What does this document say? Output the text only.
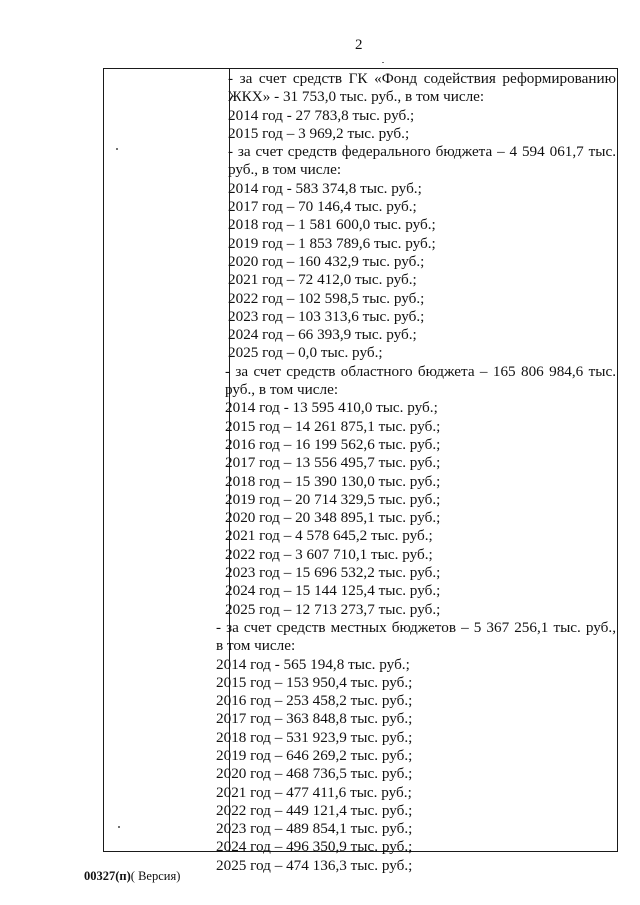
2
- за счет средств ГК «Фонд содействия реформированию
ЖКХ» - 31 753,0 тыс. руб., в том числе:
2014 год - 27 783,8 тыс. руб.;
2015 год – 3 969,2 тыс. руб.;
- за счет средств федерального бюджета – 4 594 061,7 тыс.
руб., в том числе:
2014 год - 583 374,8 тыс. руб.;
2017 год – 70 146,4 тыс. руб.;
2018 год – 1 581 600,0 тыс. руб.;
2019 год – 1 853 789,6 тыс. руб.;
2020 год – 160 432,9 тыс. руб.;
2021 год – 72 412,0 тыс. руб.;
2022 год – 102 598,5 тыс. руб.;
2023 год – 103 313,6 тыс. руб.;
2024 год – 66 393,9 тыс. руб.;
2025 год – 0,0 тыс. руб.;
- за счет средств областного бюджета – 165 806 984,6 тыс.
руб., в том числе:
2014 год - 13 595 410,0 тыс. руб.;
2015 год – 14 261 875,1 тыс. руб.;
2016 год – 16 199 562,6 тыс. руб.;
2017 год – 13 556 495,7 тыс. руб.;
2018 год – 15 390 130,0 тыс. руб.;
2019 год – 20 714 329,5 тыс. руб.;
2020 год – 20 348 895,1 тыс. руб.;
2021 год – 4 578 645,2 тыс. руб.;
2022 год – 3 607 710,1 тыс. руб.;
2023 год – 15 696 532,2 тыс. руб.;
2024 год – 15 144 125,4 тыс. руб.;
2025 год – 12 713 273,7 тыс. руб.;
- за счет средств местных бюджетов – 5 367 256,1 тыс. руб.,
в том числе:
2014 год - 565 194,8 тыс. руб.;
2015 год – 153 950,4 тыс. руб.;
2016 год – 253 458,2 тыс. руб.;
2017 год – 363 848,8 тыс. руб.;
2018 год – 531 923,9 тыс. руб.;
2019 год – 646 269,2 тыс. руб.;
2020 год – 468 736,5 тыс. руб.;
2021 год – 477 411,6 тыс. руб.;
2022 год – 449 121,4 тыс. руб.;
2023 год – 489 854,1 тыс. руб.;
2024 год – 496 350,9 тыс. руб.;
2025 год – 474 136,3 тыс. руб.;
00327(п)( Версия)
